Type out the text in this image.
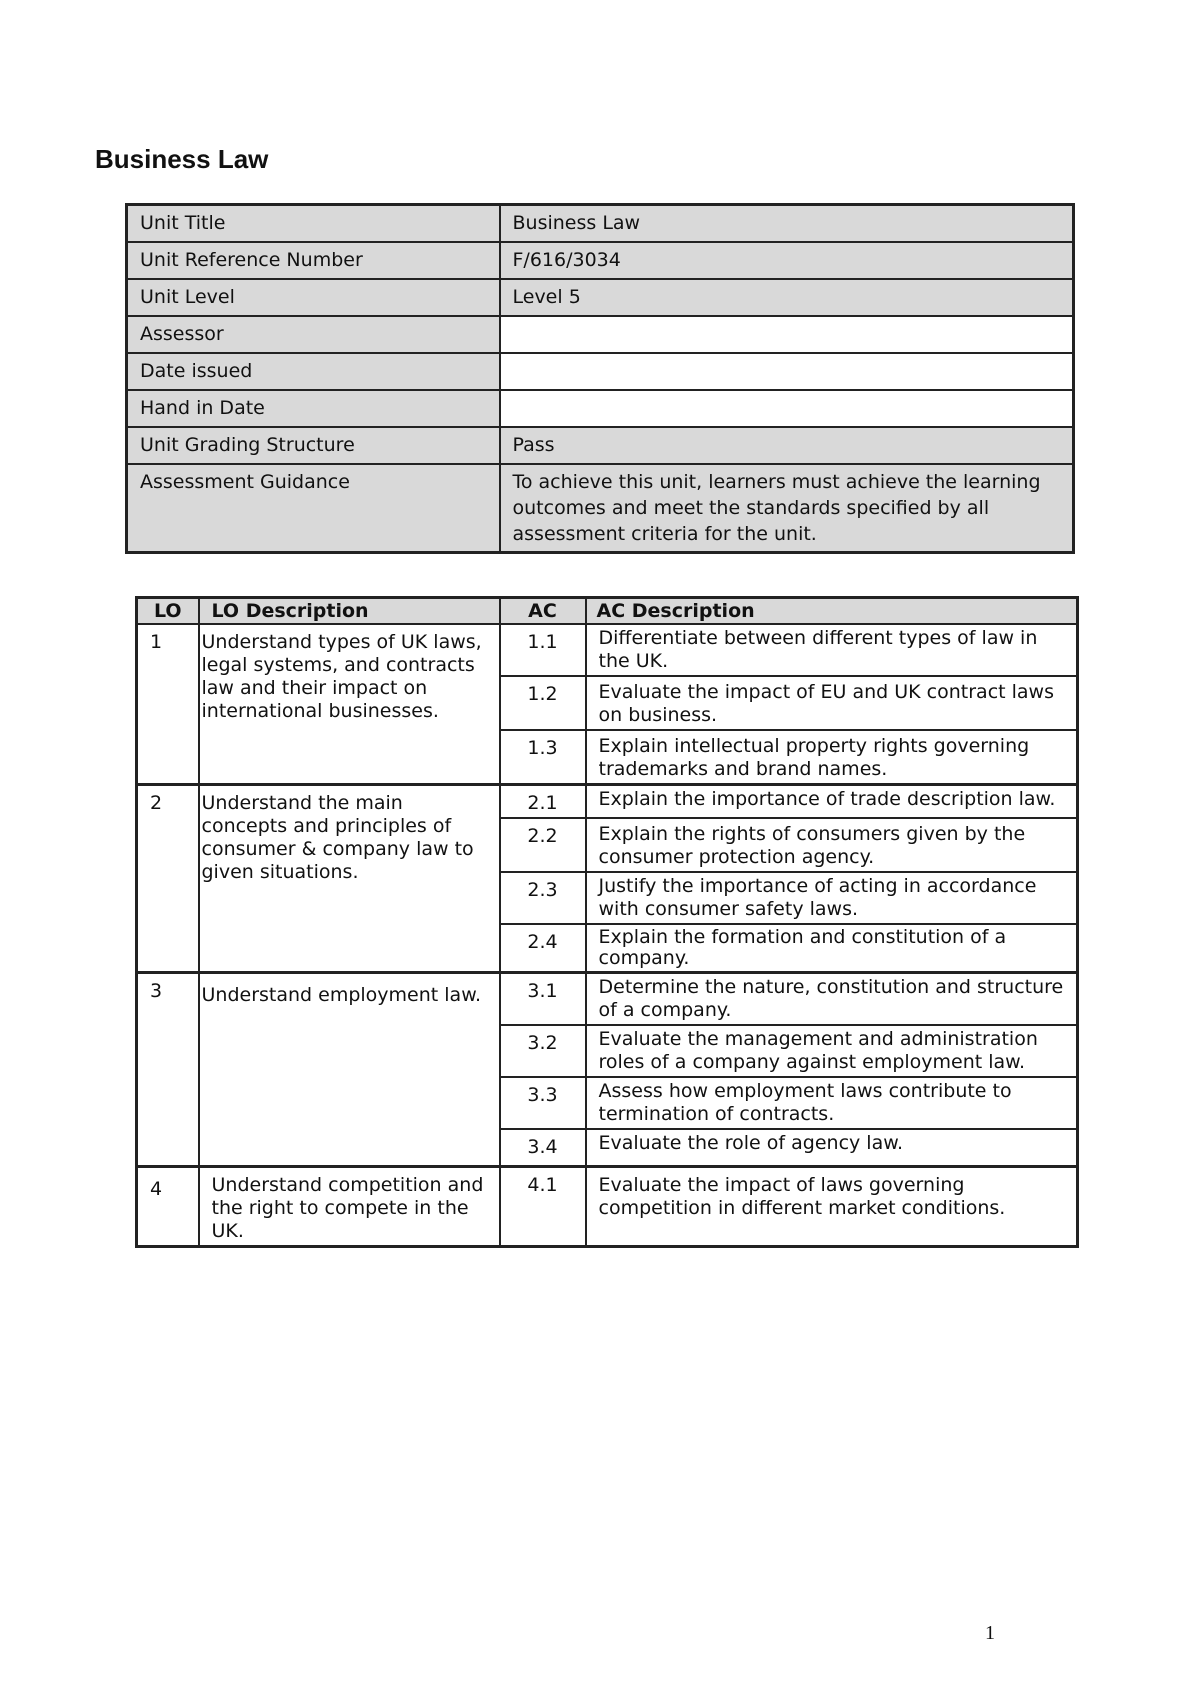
Business Law
Unit Title	Business Law
Unit Reference Number	F/616/3034
Unit Level	Level 5
Assessor	
Date issued	
Hand in Date	
Unit Grading Structure	Pass
Assessment Guidance	To achieve this unit, learners must achieve the learning outcomes and meet the standards specified by all assessment criteria for the unit.
LO	LO Description	AC	AC Description
1	Understand types of UK laws, legal systems, and contracts law and their impact on international businesses.	1.1	Differentiate between different types of law in the UK.
		1.2	Evaluate the impact of EU and UK contract laws on business.
		1.3	Explain intellectual property rights governing trademarks and brand names.
2	Understand the main concepts and principles of consumer & company law to given situations.	2.1	Explain the importance of trade description law.
		2.2	Explain the rights of consumers given by the consumer protection agency.
		2.3	Justify the importance of acting in accordance with consumer safety laws.
		2.4	Explain the formation and constitution of a company.
3	Understand employment law.	3.1	Determine the nature, constitution and structure of a company.
		3.2	Evaluate the management and administration roles of a company against employment law.
		3.3	Assess how employment laws contribute to termination of contracts.
		3.4	Evaluate the role of agency law.
4	Understand competition and the right to compete in the UK.	4.1	Evaluate the impact of laws governing competition in different market conditions.
1
